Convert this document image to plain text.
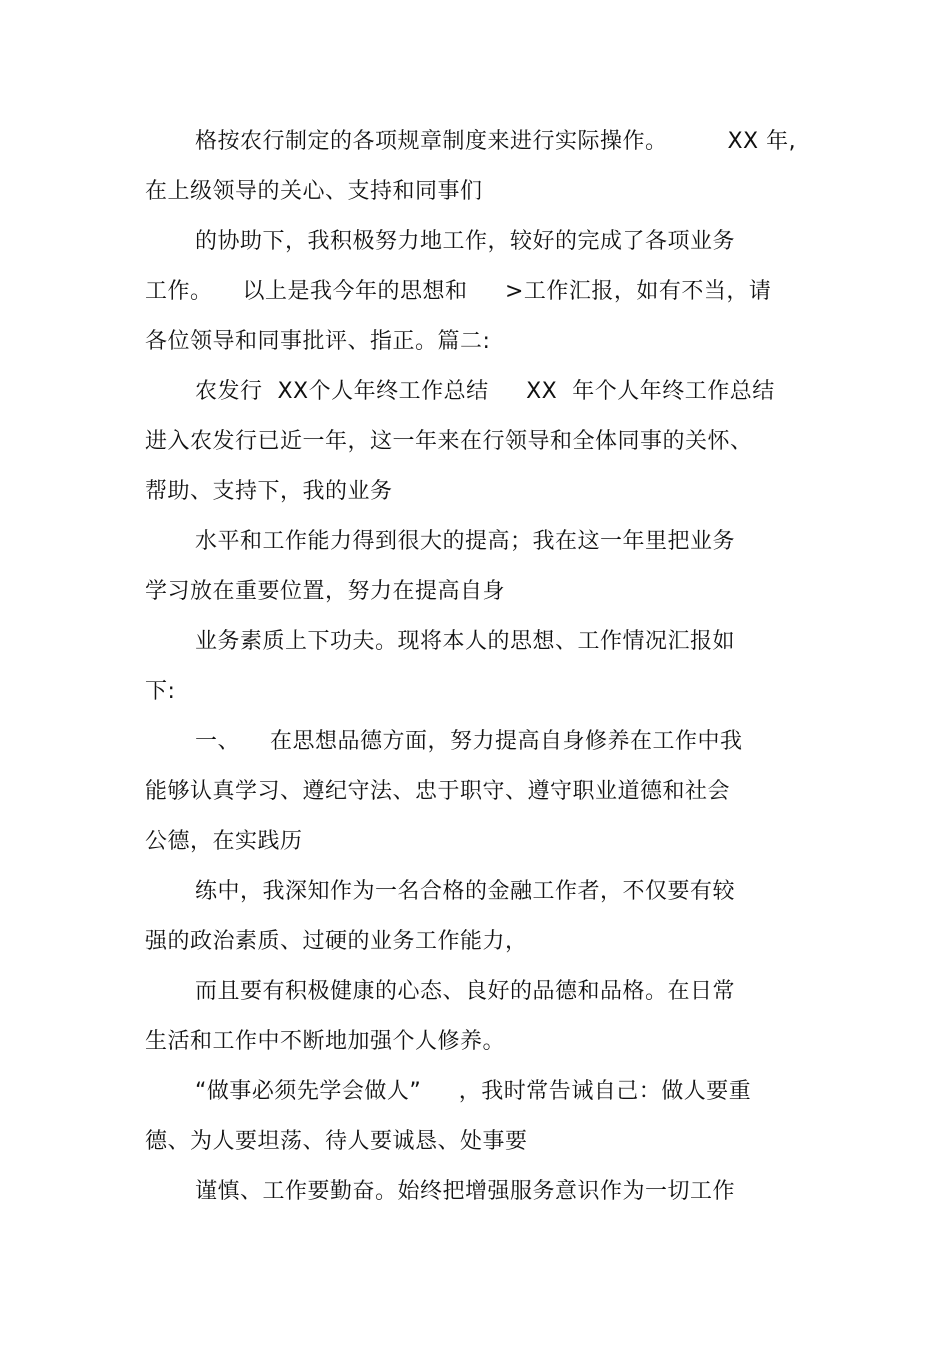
格按农行制定的各项规章制度来进行实际操作。        XX 年,
在上级领导的关心、支持和同事们
的协助下，我积极努力地工作，较好的完成了各项业务
工作。    以上是我今年的思想和     >工作汇报，如有不当，请
各位领导和同事批评、指正。篇二:
农发行  XX个人年终工作总结     XX  年个人年终工作总结
进入农发行已近一年，这一年来在行领导和全体同事的关怀、
帮助、支持下，我的业务
水平和工作能力得到很大的提高；我在这一年里把业务
学习放在重要位置，努力在提高自身
业务素质上下功夫。现将本人的思想、工作情况汇报如
下:
一、    在思想品德方面，努力提高自身修养在工作中我
能够认真学习、遵纪守法、忠于职守、遵守职业道德和社会
公德，在实践历
练中，我深知作为一名合格的金融工作者，不仅要有较
强的政治素质、过硬的业务工作能力，
而且要有积极健康的心态、良好的品德和品格。在日常
生活和工作中不断地加强个人修养。
“做事必须先学会做人”     ，我时常告诫自己：做人要重
德、为人要坦荡、待人要诚恳、处事要
谨慎、工作要勤奋。始终把增强服务意识作为一切工作
